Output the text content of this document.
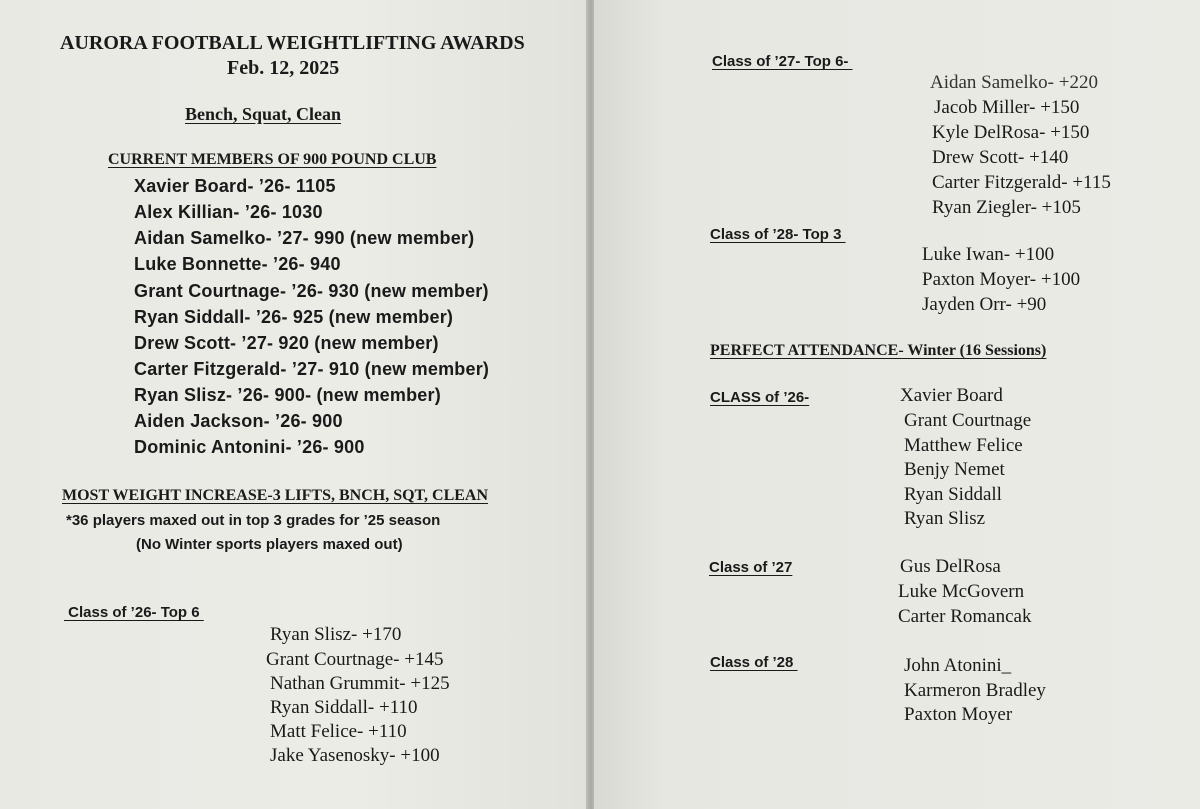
AURORA FOOTBALL WEIGHTLIFTING AWARDS
Feb. 12, 2025
Bench, Squat, Clean
CURRENT MEMBERS OF 900 POUND CLUB
Xavier Board- ’26- 1105
Alex Killian- ’26- 1030
Aidan Samelko- ’27- 990 (new member)
Luke Bonnette- ’26- 940
Grant Courtnage- ’26- 930 (new member)
Ryan Siddall- ’26- 925 (new member)
Drew Scott- ’27- 920 (new member)
Carter Fitzgerald- ’27- 910 (new member)
Ryan Slisz- ’26- 900- (new member)
Aiden Jackson- ’26- 900
Dominic Antonini- ’26- 900
MOST WEIGHT INCREASE-3 LIFTS, BNCH, SQT, CLEAN
*36 players maxed out in top 3 grades for ’25 season
(No Winter sports players maxed out)
Class of ’26- Top 6
Ryan Slisz- +170
Grant Courtnage- +145
Nathan Grummit- +125
Ryan Siddall- +110
Matt Felice- +110
Jake Yasenosky- +100
Class of ’27- Top 6-
Aidan Samelko- +220
Jacob Miller- +150
Kyle DelRosa- +150
Drew Scott- +140
Carter Fitzgerald- +115
Ryan Ziegler- +105
Class of ’28- Top 3
Luke Iwan- +100
Paxton Moyer- +100
Jayden Orr- +90
PERFECT ATTENDANCE- Winter (16 Sessions)
CLASS of ’26-	Xavier Board
Grant Courtnage
Matthew Felice
Benjy Nemet
Ryan Siddall
Ryan Slisz
Class of ’27	Gus DelRosa
Luke McGovern
Carter Romancak
Class of ’28	John Atonini_
Karmeron Bradley
Paxton Moyer
